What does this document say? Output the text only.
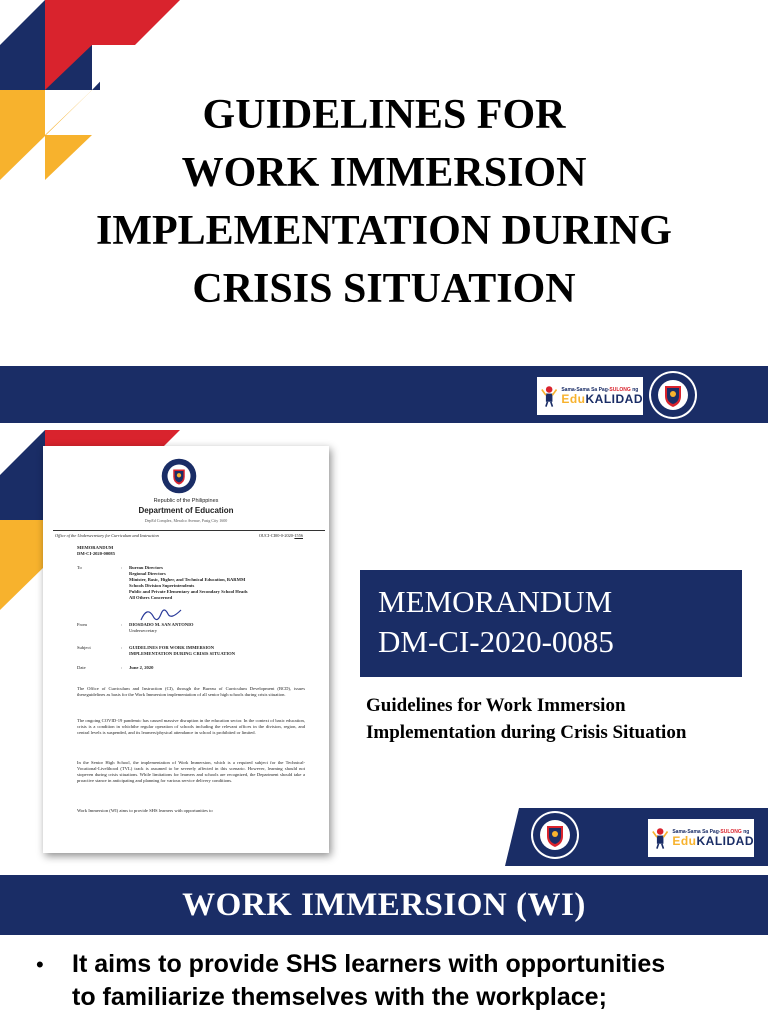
GUIDELINES FOR
WORK IMMERSION
IMPLEMENTATION DURING
CRISIS SITUATION
Sama-Sama Sa Pag-SULONG ng
EduKALIDAD
Republic of the Philippines
Department of Education
DepEd Complex, Meralco Avenue, Pasig City 1600
Office of the Undersecretary for Curriculum and Instruction	OUCI-CI00-0-2020-1556
MEMORANDUM
DM-CI-2020-00085
To	: Bureau Directors
Regional Directors
Minister, Basic, Higher, and Technical Education, BARMM
Schools Division Superintendents
Public and Private Elementary and Secondary School Heads
All Others Concerned
From	: DIOSDADO M. SAN ANTONIO
Undersecretary
Subject	: GUIDELINES FOR WORK IMMERSION
IMPLEMENTATION DURING CRISIS SITUATION
Date	: June 2, 2020
The Office of Curriculum and Instruction (CI), through the Bureau of Curriculum Development (BCD), issues theseguidelines as basis for the Work Immersion implementation of all senior high schools during crisis situation.
The ongoing COVID-19 pandemic has caused massive disruption in the education sector. In the context of basic education, crisis is a condition in whichthe regular operation of schools including the relevant offices in the division, region, and central levels is suspended, and its learners/physical attendance in school is prohibited or limited.
In the Senior High School, the implementation of Work Immersion, which is a required subject for the Technical-Vocational-Livelihood (TVL) track is assumed to be severely affected in this scenario. However, learning should not stopeven during crisis situations. While limitations for learners and schools are recognized, the Department should take a proactive stance in anticipating and planning for various service delivery conditions.
Work Immersion (WI) aims to provide SHS learners with opportunities to
MEMORANDUM
DM-CI-2020-0085
Guidelines for Work Immersion
Implementation during Crisis Situation
Sama-Sama Sa Pag-SULONG ng
EduKALIDAD
WORK IMMERSION (WI)
• It aims to provide SHS learners with opportunities
to familiarize themselves with the workplace;
